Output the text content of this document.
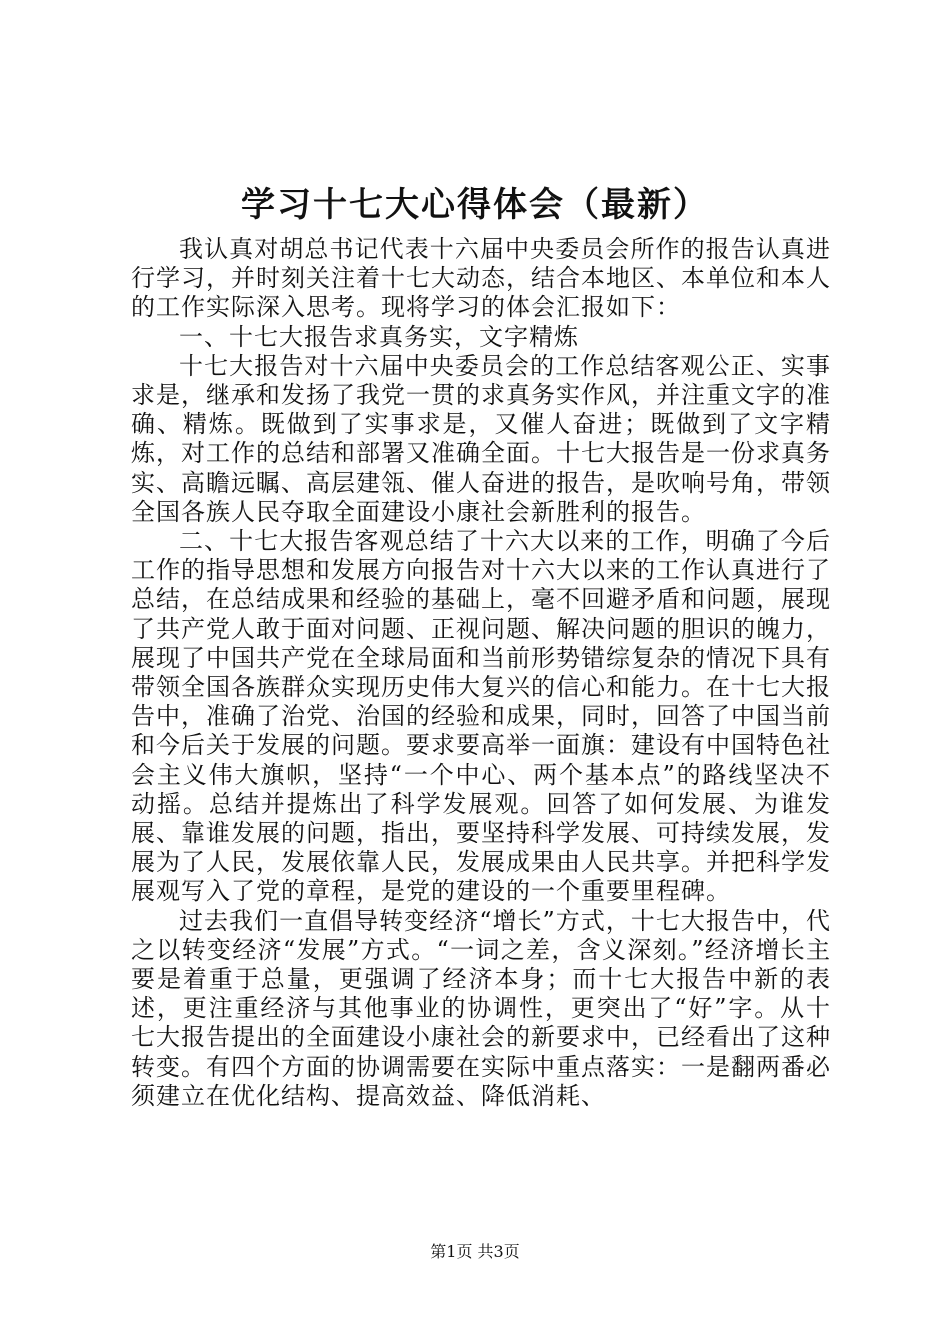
学习十七大心得体会（最新）

我认真对胡总书记代表十六届中央委员会所作的报告认真进行学习，并时刻关注着十七大动态，结合本地区、本单位和本人的工作实际深入思考。现将学习的体会汇报如下：

一、十七大报告求真务实，文字精炼

十七大报告对十六届中央委员会的工作总结客观公正、实事求是，继承和发扬了我党一贯的求真务实作风，并注重文字的准确、精炼。既做到了实事求是，又催人奋进；既做到了文字精炼，对工作的总结和部署又准确全面。十七大报告是一份求真务实、高瞻远瞩、高层建瓴、催人奋进的报告，是吹响号角，带领全国各族人民夺取全面建设小康社会新胜利的报告。

二、十七大报告客观总结了十六大以来的工作，明确了今后工作的指导思想和发展方向报告对十六大以来的工作认真进行了总结，在总结成果和经验的基础上，毫不回避矛盾和问题，展现了共产党人敢于面对问题、正视问题、解决问题的胆识的魄力，展现了中国共产党在全球局面和当前形势错综复杂的情况下具有带领全国各族群众实现历史伟大复兴的信心和能力。在十七大报告中，准确了治党、治国的经验和成果，同时，回答了中国当前和今后关于发展的问题。要求要高举一面旗：建设有中国特色社会主义伟大旗帜，坚持“一个中心、两个基本点”的路线坚决不动摇。总结并提炼出了科学发展观。回答了如何发展、为谁发展、靠谁发展的问题，指出，要坚持科学发展、可持续发展，发展为了人民，发展依靠人民，发展成果由人民共享。并把科学发展观写入了党的章程，是党的建设的一个重要里程碑。

过去我们一直倡导转变经济“增长”方式，十七大报告中，代之以转变经济“发展”方式。“一词之差，含义深刻。”经济增长主要是着重于总量，更强调了经济本身；而十七大报告中新的表述，更注重经济与其他事业的协调性，更突出了“好”字。从十七大报告提出的全面建设小康社会的新要求中，已经看出了这种转变。有四个方面的协调需要在实际中重点落实：一是翻两番必须建立在优化结构、提高效益、降低消耗、

第1页 共3页
